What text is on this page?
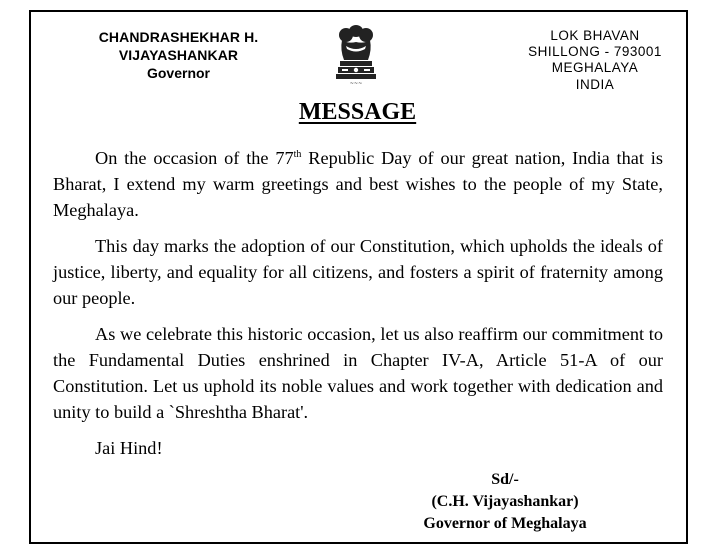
CHANDRASHEKHAR H. VIJAYASHANKAR
Governor
~~~
LOK BHAVAN
SHILLONG - 793001
MEGHALAYA
INDIA
MESSAGE

On the occasion of the 77th Republic Day of our great nation, India that is Bharat, I extend my warm greetings and best wishes to the people of my State, Meghalaya.

This day marks the adoption of our Constitution, which upholds the ideals of justice, liberty, and equality for all citizens, and fosters a spirit of fraternity among our people.

As we celebrate this historic occasion, let us also reaffirm our commitment to the Fundamental Duties enshrined in Chapter IV-A, Article 51-A of our Constitution. Let us uphold its noble values and work together with dedication and unity to build a `Shreshtha Bharat'.

Jai Hind!

Sd/-
(C.H. Vijayashankar)
Governor of Meghalaya
